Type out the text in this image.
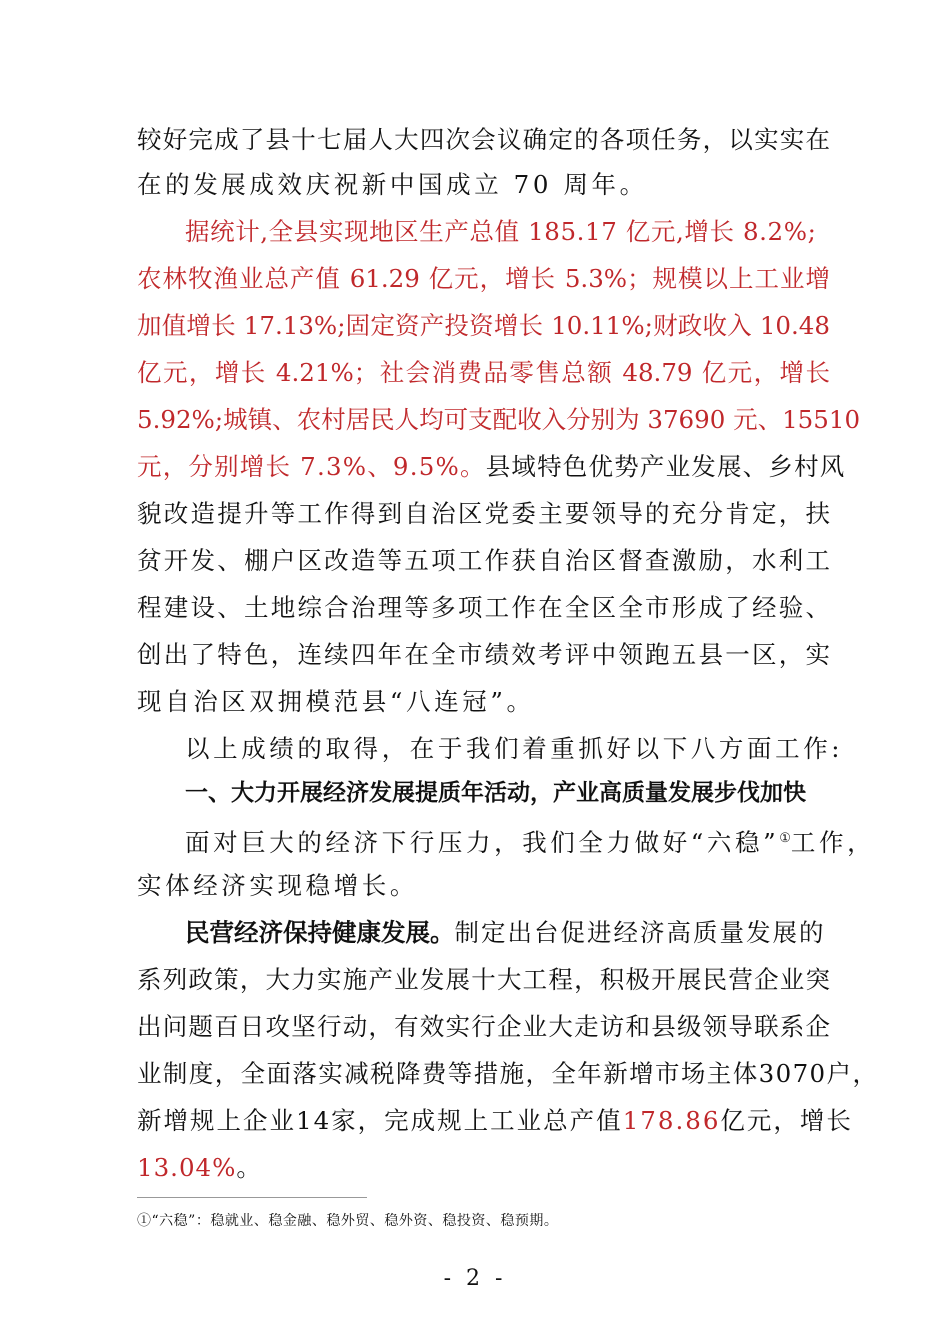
较好完成了县十七届人大四次会议确定的各项任务，以实实在
在的发展成效庆祝新中国成立 70 周年。
据统计,全县实现地区生产总值 185.17 亿元,增长 8.2%;
农林牧渔业总产值 61.29 亿元，增长 5.3%；规模以上工业增
加值增长 17.13%;固定资产投资增长 10.11%;财政收入 10.48
亿元，增长 4.21%；社会消费品零售总额 48.79 亿元，增长
5.92%;城镇、农村居民人均可支配收入分别为 37690 元、15510
元，分别增长 7.3%、9.5%。县域特色优势产业发展、乡村风
貌改造提升等工作得到自治区党委主要领导的充分肯定，扶
贫开发、棚户区改造等五项工作获自治区督查激励，水利工
程建设、土地综合治理等多项工作在全区全市形成了经验、
创出了特色，连续四年在全市绩效考评中领跑五县一区，实
现自治区双拥模范县“八连冠”。
以上成绩的取得，在于我们着重抓好以下八方面工作:
一、大力开展经济发展提质年活动，产业高质量发展步伐加快
面对巨大的经济下行压力，我们全力做好“六稳”①工作，
实体经济实现稳增长。
民营经济保持健康发展。制定出台促进经济高质量发展的
系列政策，大力实施产业发展十大工程，积极开展民营企业突
出问题百日攻坚行动，有效实行企业大走访和县级领导联系企
业制度，全面落实减税降费等措施，全年新增市场主体3070户，
新增规上企业14家，完成规上工业总产值178.86亿元，增长
13.04%。
①“六稳”：稳就业、稳金融、稳外贸、稳外资、稳投资、稳预期。
- 2 -
